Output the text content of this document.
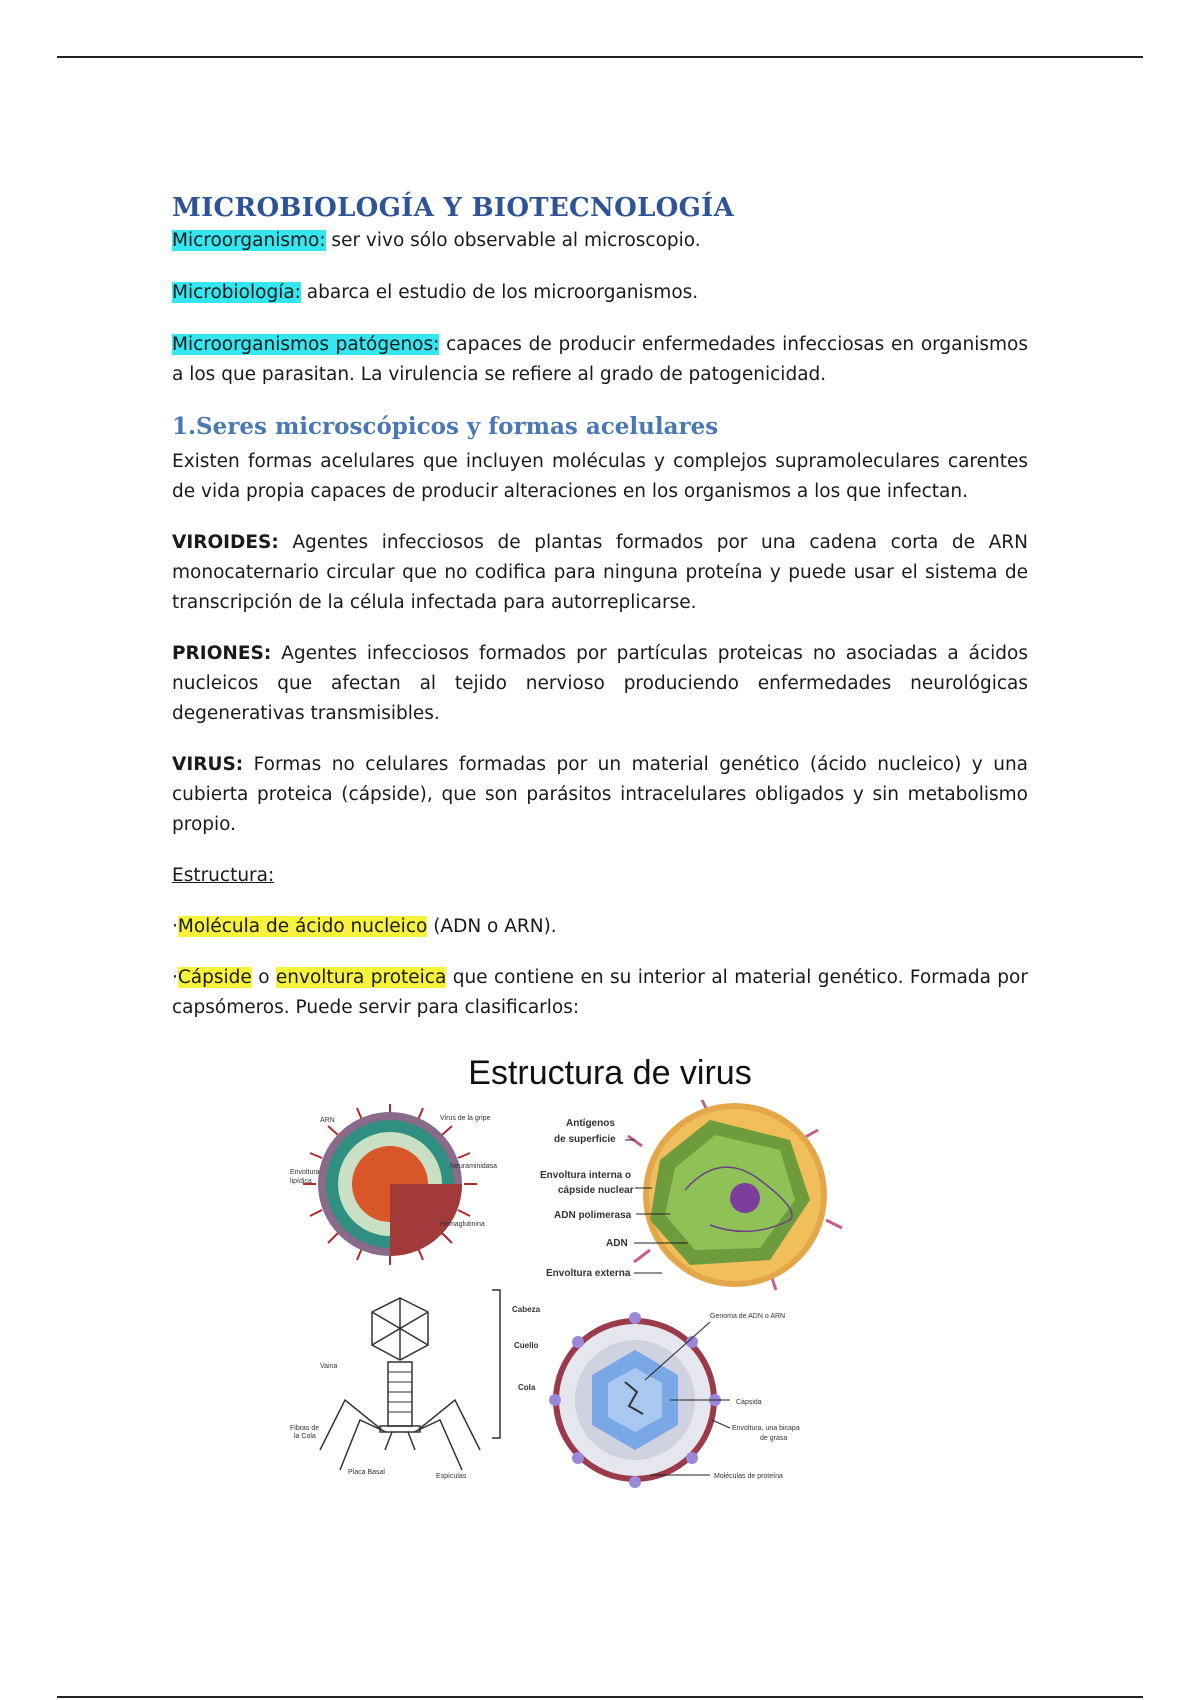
MICROBIOLOGÍA Y BIOTECNOLOGÍA

Microorganismo: ser vivo sólo observable al microscopio.

Microbiología: abarca el estudio de los microorganismos.

Microorganismos patógenos: capaces de producir enfermedades infecciosas en organismos a los que parasitan. La virulencia se refiere al grado de patogenicidad.

1.Seres microscópicos y formas acelulares

Existen formas acelulares que incluyen moléculas y complejos supramoleculares carentes de vida propia capaces de producir alteraciones en los organismos a los que infectan.

VIROIDES: Agentes infecciosos de plantas formados por una cadena corta de ARN monocaternario circular que no codifica para ninguna proteína y puede usar el sistema de transcripción de la célula infectada para autorreplicarse.

PRIONES: Agentes infecciosos formados por partículas proteicas no asociadas a ácidos nucleicos que afectan al tejido nervioso produciendo enfermedades neurológicas degenerativas transmisibles.

VIRUS: Formas no celulares formadas por un material genético (ácido nucleico) y una cubierta proteica (cápside), que son parásitos intracelulares obligados y sin metabolismo propio.

Estructura:

·Molécula de ácido nucleico (ADN o ARN).

·Cápside o envoltura proteica que contiene en su interior al material genético. Formada por capsómeros. Puede servir para clasificarlos:

Estructura de virus
ARN	Virus de la gripe
Envoltura
lipídica
Neuraminidasa
Hemaglutinina
Antígenos
de superficie
Envoltura interna o
cápside nuclear
ADN polimerasa
ADN
Envoltura externa
Cabeza
Cuello
Cola
Vaina
Fibras de
la Cola
Placa Basal
Espículas
Genoma de ADN o ARN
Cápsida
Envoltura, una bicapa
de grasa
Moléculas de proteína
